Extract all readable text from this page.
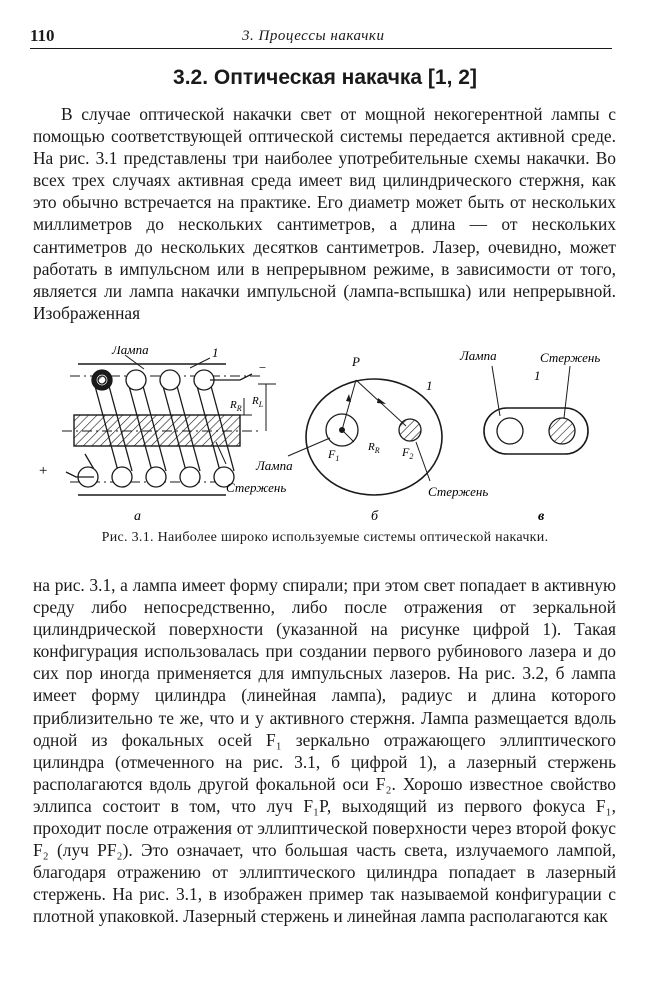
110	3. Процессы накачки
3.2. Оптическая накачка [1, 2]

В случае оптической накачки свет от мощной некогерентной лампы с помощью соответствующей оптической системы передается активной среде. На рис. 3.1 представлены три наиболее употребительные схемы накачки. Во всех трех случаях активная среда имеет вид цилиндрического стержня, как это обычно встречается на практике. Его диаметр может быть от нескольких миллиметров до нескольких сантиметров, а длина — от нескольких сантиметров до нескольких десятков сантиметров. Лазер, очевидно, может работать в импульсном или в непрерывном режиме, в зависимости от того, является ли лампа накачки импульсной (лампа-вспышка) или непрерывной. Изображенная

Лампа	1
−
+
$R_R$
$R_L$
Стержень
а
P
1
Лампа
$F_1$	$F_2$
$R_R$
Стержень
б
Лампа
1
Стержень
в
Рис. 3.1. Наиболее широко используемые системы оптической накачки.

на рис. 3.1, а лампа имеет форму спирали; при этом свет попадает в активную среду либо непосредственно, либо после отражения от зеркальной цилиндрической поверхности (указанной на рисунке цифрой 1). Такая конфигурация использовалась при создании первого рубинового лазера и до сих пор иногда применяется для импульсных лазеров. На рис. 3.2, б лампа имеет форму цилиндра (линейная лампа), радиус и длина которого приблизительно те же, что и у активного стержня. Лампа размещается вдоль одной из фокальных осей F₁ зеркально отражающего эллиптического цилиндра (отмеченного на рис. 3.1, б цифрой 1), а лазерный стержень располагаются вдоль другой фокальной оси F₂. Хорошо известное свойство эллипса состоит в том, что луч F₁P, выходящий из первого фокуса F₁, проходит после отражения от эллиптической поверхности через второй фокус F₂ (луч PF₂). Это означает, что большая часть света, излучаемого лампой, благодаря отражению от эллиптического цилиндра попадает в лазерный стержень. На рис. 3.1, в изображен пример так называемой конфигурации с плотной упаковкой. Лазерный стержень и линейная лампа располагаются как
